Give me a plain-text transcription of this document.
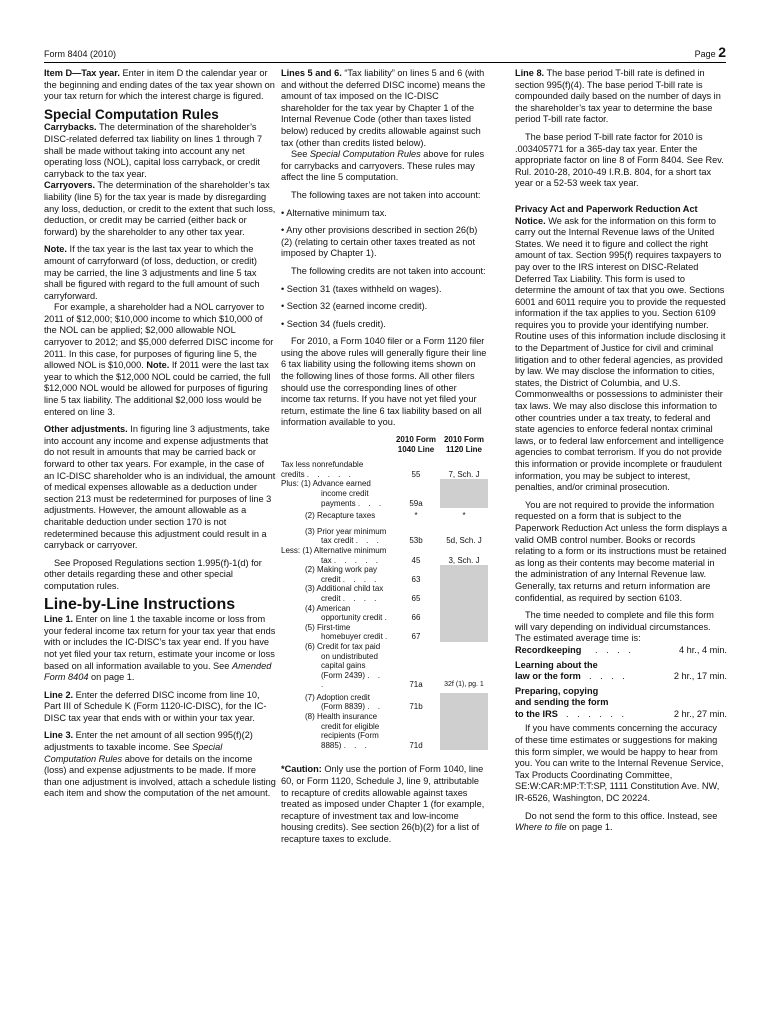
Form 8404 (2010)	Page 2

Item D—Tax year. Enter in item D the calendar year or the beginning and ending dates of the tax year shown on your tax return for which the interest charge is figured.

Special Computation Rules

Carrybacks. The determination of the shareholder’s DISC-related deferred tax liability on lines 1 through 7 shall be made without taking into account any net operating loss (NOL), capital loss carryback, or credit carryback to the tax year.

Carryovers. The determination of the shareholder’s tax liability (line 5) for the tax year is made by disregarding any loss, deduction, or credit to the extent that such loss, deduction, or credit may be carried (either back or forward) by the shareholder to any other tax year.

Note. If the tax year is the last tax year to which the amount of carryforward (of loss, deduction, or credit) may be carried, the line 3 adjustments and line 5 tax shall be figured with regard to the full amount of such carryforward.

For example, a shareholder had a NOL carryover to 2011 of $12,000; $10,000 income to which $10,000 of the NOL can be applied; $2,000 allowable NOL carryover to 2012; and $5,000 deferred DISC income for 2011. In this case, for purposes of figuring line 5, the allowed NOL is $10,000. Note. If 2011 were the last tax year to which the $12,000 NOL could be carried, the full $12,000 NOL would be allowed for purposes of figuring line 5 tax liability. The additional $2,000 loss would be entered on line 3.

Other adjustments. In figuring line 3 adjustments, take into account any income and expense adjustments that do not result in amounts that may be carried back or forward to other tax years. For example, in the case of an IC-DISC shareholder who is an individual, the amount of medical expenses allowable as a deduction under section 213 must be redetermined for purposes of line 3 adjustments. However, the amount allowable as a charitable deduction under section 170 is not redetermined because this adjustment could result in a carryback or carryover.

See Proposed Regulations section 1.995(f)-1(d) for other details regarding these and other special computation rules.

Line-by-Line Instructions

Line 1. Enter on line 1 the taxable income or loss from your federal income tax return for your tax year that ends with or includes the IC-DISC’s tax year end. If you have not yet filed your tax return, estimate your income or loss based on all information available to you. See Amended Form 8404 on page 1.

Line 2. Enter the deferred DISC income from line 10, Part III of Schedule K (Form 1120-IC-DISC), for the IC-DISC tax year that ends with or within your tax year.

Line 3. Enter the net amount of all section 995(f)(2) adjustments to taxable income. See Special Computation Rules above for details on the income (loss) and expense adjustments to be made. If more than one adjustment is involved, attach a schedule listing each item and show the computation of the net amount.

Lines 5 and 6. “Tax liability” on lines 5 and 6 (with and without the deferred DISC income) means the amount of tax imposed on the IC-DISC shareholder for the tax year by Chapter 1 of the Internal Revenue Code (other than taxes listed below) reduced by credits allowable against such tax (other than credits listed below).

See Special Computation Rules above for rules for carrybacks and carryovers. These rules may affect the line 5 computation.

The following taxes are not taken into account:

• Alternative minimum tax.

• Any other provisions described in section 26(b)(2) (relating to certain other taxes treated as not imposed by Chapter 1).

The following credits are not taken into account:

• Section 31 (taxes withheld on wages).

• Section 32 (earned income credit).

• Section 34 (fuels credit).

For 2010, a Form 1040 filer or a Form 1120 filer using the above rules will generally figure their line 6 tax liability using the following items shown on the following lines of those forms. All other filers should use the corresponding lines of other income tax returns. If you have not yet filed your return, estimate the line 6 tax liability based on all information available to you.

2010 Form 1040 Line
2010 Form 1120 Line
Tax less nonrefundable
credits . . . . .	55	7, Sch. J
Plus: (1) Advance earned

income credit

payments . . .	59a

(2) Recapture taxes	*	*
(3) Prior year minimum
tax credit . . .	53b	5d, Sch. J
Less: (1) Alternative minimum
tax . . . . .	45	3, Sch. J
(2) Making work pay

credit . . . .	63

(3) Additional child tax

credit . . . .	65

(4) American

opportunity credit .	66

(5) First-time

homebuyer credit .	67

(6) Credit for tax paid
on undistributed
capital gains
(Form 2439) . . .	71a	32f (1), pg. 1
(7) Adoption credit

(Form 8839) . .	71b

(8) Health insurance

credit for eligible

recipients (Form

8885) . . .	71d

*Caution: Only use the portion of Form 1040, line 60, or Form 1120, Schedule J, line 9, attributable to recapture of credits allowable against taxes treated as imposed under Chapter 1 (for example, recapture of investment tax and low-income housing credits). See section 26(b)(2) for a list of recapture taxes to exclude.

Line 8. The base period T-bill rate is defined in section 995(f)(4). The base period T-bill rate is compounded daily based on the number of days in the shareholder’s tax year to determine the base period T-bill rate factor.

The base period T-bill rate factor for 2010 is .003405771 for a 365-day tax year. Enter the appropriate factor on line 8 of Form 8404. See Rev. Rul. 2010-28, 2010-49 I.R.B. 804, for a short tax year or a 52-53 week tax year.

Privacy Act and Paperwork Reduction Act Notice. We ask for the information on this form to carry out the Internal Revenue laws of the United States. We need it to figure and collect the right amount of tax. Section 995(f) requires taxpayers to pay over to the IRS interest on DISC-Related Deferred Tax Liability. This form is used to determine the amount of tax that you owe. Sections 6001 and 6011 require you to provide the requested information if the tax applies to you. Section 6109 requires you to provide your identifying number. Routine uses of this information include disclosing it to the Department of Justice for civil and criminal litigation and to other federal agencies, as provided by law. We may disclose the information to cities, states, the District of Columbia, and U.S. Commonwealths or possessions to administer their tax laws. We may also disclose this information to other countries under a tax treaty, to federal and state agencies to enforce federal nontax criminal laws, or to federal law enforcement and intelligence agencies to combat terrorism. If you do not provide this information or provide incomplete or fraudulent information, you may be subject to interest, penalties, and/or criminal prosecution.

You are not required to provide the information requested on a form that is subject to the Paperwork Reduction Act unless the form displays a valid OMB control number. Books or records relating to a form or its instructions must be retained as long as their contents may become material in the administration of any Internal Revenue law. Generally, tax returns and return information are confidential, as required by section 6103.

The time needed to complete and file this form will vary depending on individual circumstances. The estimated average time is:

Recordkeeping   . . . .	4 hr., 4 min.
Learning about the
law or the form  . . . .	2 hr., 17 min.
Preparing, copying
and sending the form
to the IRS  . . . . . .	2 hr., 27 min.

If you have comments concerning the accuracy of these time estimates or suggestions for making this form simpler, we would be happy to hear from you. You can write to the Internal Revenue Service, Tax Products Coordinating Committee, SE:W:CAR:MP:T:T:SP, 1111 Constitution Ave. NW, IR-6526, Washington, DC 20224.

Do not send the form to this office. Instead, see Where to file on page 1.
